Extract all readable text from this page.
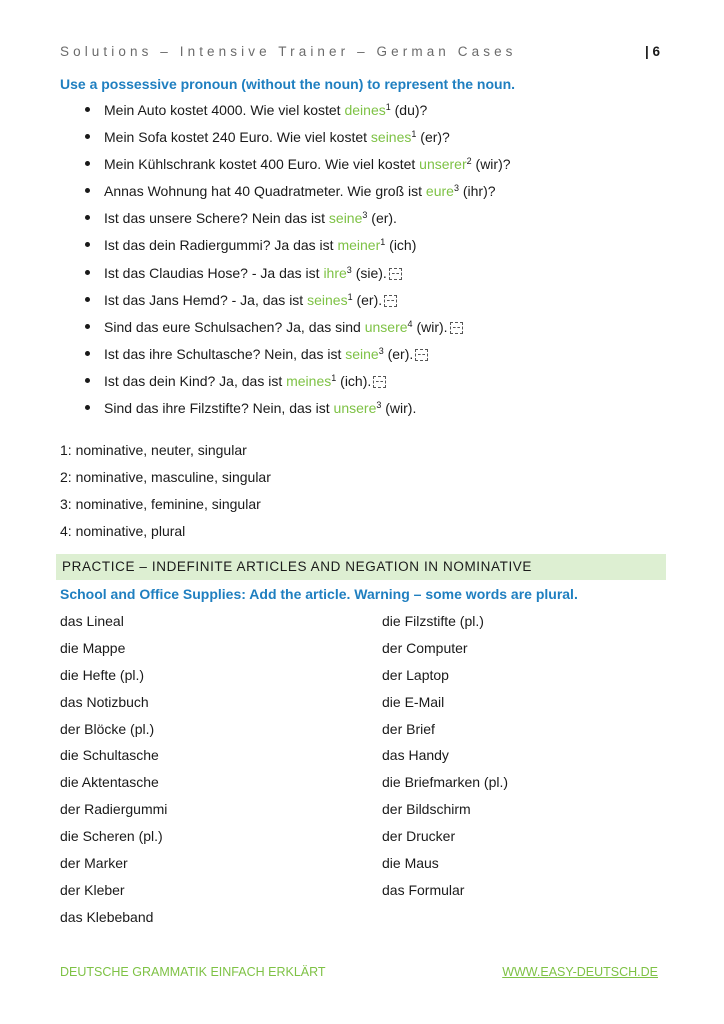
Solutions – Intensive Trainer – German Cases	| 6
Use a possessive pronoun (without the noun) to represent the noun.
Mein Auto kostet 4000. Wie viel kostet deines$^1$ (du)?
Mein Sofa kostet 240 Euro. Wie viel kostet seines$^1$ (er)?
Mein Kühlschrank kostet 400 Euro. Wie viel kostet unserer$^2$ (wir)?
Annas Wohnung hat 40 Quadratmeter. Wie groß ist eure$^3$ (ihr)?
Ist das unsere Schere? Nein das ist seine$^3$ (er).
Ist das dein Radiergummi? Ja das ist meiner$^1$ (ich)
Ist das Claudias Hose? - Ja das ist ihre$^3$ (sie).
Ist das Jans Hemd? - Ja, das ist seines$^1$ (er).
Sind das eure Schulsachen? Ja, das sind unsere$^4$ (wir).
Ist das ihre Schultasche? Nein, das ist seine$^3$ (er).
Ist das dein Kind? Ja, das ist meines$^1$ (ich).
Sind das ihre Filzstifte? Nein, das ist unsere$^3$ (wir).
1: nominative, neuter, singular
2: nominative, masculine, singular
3: nominative, feminine, singular
4: nominative, plural
PRACTICE – INDEFINITE ARTICLES AND NEGATION IN NOMINATIVE
School and Office Supplies: Add the article. Warning – some words are plural.
das Lineal
die Mappe
die Hefte (pl.)
das Notizbuch
der Blöcke (pl.)
die Schultasche
die Aktentasche
der Radiergummi
die Scheren (pl.)
der Marker
der Kleber
das Klebeband
die Filzstifte (pl.)
der Computer
der Laptop
die E-Mail
der Brief
das Handy
die Briefmarken (pl.)
der Bildschirm
der Drucker
die Maus
das Formular
DEUTSCHE GRAMMATIK EINFACH ERKLÄRT	WWW.EASY-DEUTSCH.DE
